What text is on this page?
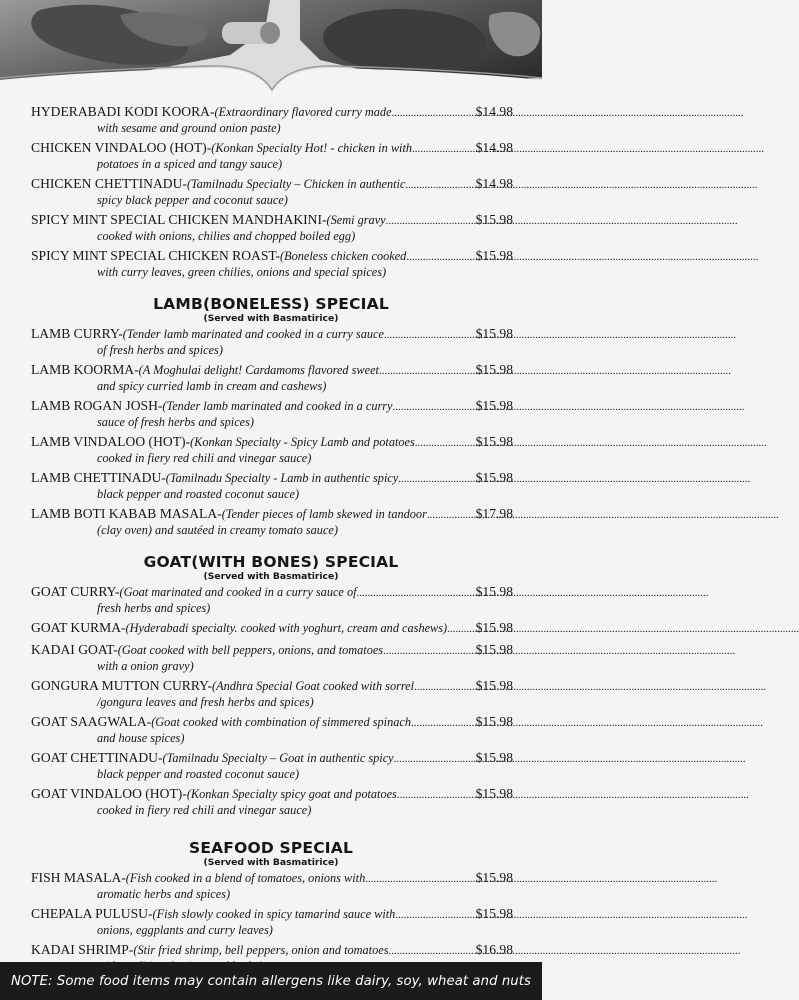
HYDERABADI KODI KOORA- (Extraordinary flavored curry made .....	$14.98
with sesame and ground onion paste)
CHICKEN VINDALOO (HOT)- (Konkan Specialty Hot! - chicken in with .....	$14.98
potatoes in a spiced and tangy sauce)
CHICKEN CHETTINADU- (Tamilnadu Specialty – Chicken in authentic .....	$14.98
spicy black pepper and coconut sauce)
SPICY MINT SPECIAL CHICKEN MANDHAKINI- (Semi gravy .....	$15.98
cooked with onions, chilies and chopped boiled egg)
SPICY MINT SPECIAL CHICKEN ROAST- (Boneless chicken cooked .....	$15.98
with curry leaves, green chilies, onions and special spices)
LAMB(BONELESS) SPECIAL
(Served with Basmatirice)
LAMB CURRY- (Tender lamb marinated and cooked in a curry sauce .....	$15.98
of fresh herbs and spices)
LAMB KOORMA- (A Moghulai delight! Cardamoms flavored sweet .....	$15.98
and spicy curried lamb in cream and cashews)
LAMB ROGAN JOSH- (Tender lamb marinated and cooked in a curry .....	$15.98
sauce of fresh herbs and spices)
LAMB VINDALOO (HOT)- (Konkan Specialty - Spicy Lamb and potatoes .....	$15.98
cooked in fiery red chili and vinegar sauce)
LAMB CHETTINADU- (Tamilnadu Specialty - Lamb in authentic spicy .....	$15.98
black pepper and roasted coconut sauce)
LAMB BOTI KABAB MASALA- (Tender pieces of lamb skewed in tandoor .....	$17.98
(clay oven) and sautéed in creamy tomato sauce)
GOAT(WITH BONES) SPECIAL
(Served with Basmatirice)
GOAT CURRY- (Goat marinated and cooked in a curry sauce of .....	$15.98
fresh herbs and spices)
GOAT KURMA- (Hyderabadi specialty. cooked with yoghurt, cream and cashews) ..... $15.98
KADAI GOAT- (Goat cooked with bell peppers, onions, and tomatoes .....	$15.98
with a onion gravy)
GONGURA MUTTON CURRY- (Andhra Special Goat cooked with sorrel .....	$15.98
/gongura leaves and fresh herbs and spices)
GOAT SAAGWALA- (Goat cooked with combination of simmered spinach .....	$15.98
and house spices)
GOAT CHETTINADU- (Tamilnadu Specialty – Goat in authentic spicy .....	$15.98
black pepper and roasted coconut sauce)
GOAT VINDALOO (HOT)- (Konkan Specialty spicy goat and potatoes .....	$15.98
cooked in fiery red chili and vinegar sauce)
SEAFOOD SPECIAL
(Served with Basmatirice)
FISH MASALA- (Fish cooked in a blend of tomatoes, onions with .....	$15.98
aromatic herbs and spices)
CHEPALA PULUSU- (Fish slowly cooked in spicy tamarind sauce with .....	$15.98
onions, eggplants and curry leaves)
KADAI SHRIMP- (Stir fried shrimp, bell peppers, onion and tomatoes .....	$16.98
NOTE: Some food items may contain allergens like dairy, soy, wheat and nuts
